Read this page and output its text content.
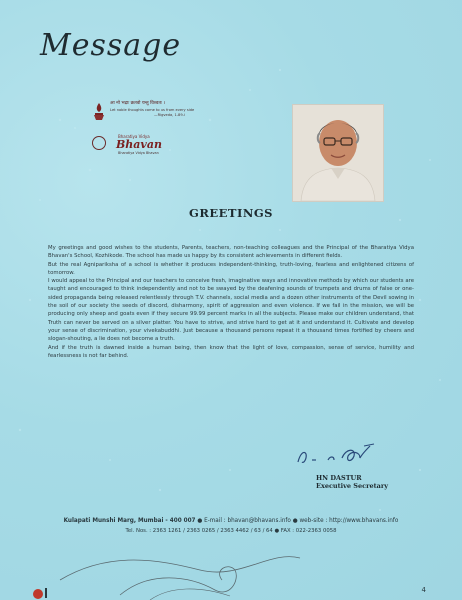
Message
आ नो भद्राः क्रतवो यन्तु विश्वतः ।
Let noble thoughts come to us from every side
—Rigveda, 1-89-i
Bharatiya Vidya
Bhavan
Bharatiya Vidya Bhavan
GREETINGS

My greetings and good wishes to the students, Parents, teachers, non-teaching colleagues and the Principal of the Bharatiya Vidya Bhavan's School, Kozhikode. The school has made us happy by its consistent achievements in different fields.

But the real Agnipariksha of a school is whether it produces independent-thinking, truth-loving, fearless and enlightened citizens of tomorrow.

I would appeal to the Principal and our teachers to conceive fresh, imaginative ways and innovative methods by which our students are taught and encouraged to think independently and not to be swayed by the deafening sounds of trumpets and drums of false or one-sided propaganda being released relentlessly through T.V. channels, social media and a dozen other instruments of the Devil sowing in the soil of our society the seeds of discord, disharmony, spirit of aggression and even violence. If we fail in the mission, we will be producing only sheep and goats even if they secure 99.99 percent marks in all the subjects. Please make our children understand, that Truth can never be served on a silver platter. You have to strive, and strive hard to get at it and understand it. Cultivate and develop your sense of discrimination, your vivekabuddhi. Just because a thousand persons repeat it a thousand times fortified by cheers and slogan-shouting, a lie does not become a truth.

And if the truth is dawned inside a human being, then know that the light of love, compassion, sense of service, humility and fearlessness is not far behind.

HN DASTUR
Executive Secretary
Kulapati Munshi Marg, Mumbai - 400 007 ● E-mail : bhavan@bhavans.info ● web-site : http://www.bhavans.info
Tel. Nos. : 2363 1261 / 2363 0265 / 2363 4462 / 63 / 64 ● FAX : 022-2363 0058
4
